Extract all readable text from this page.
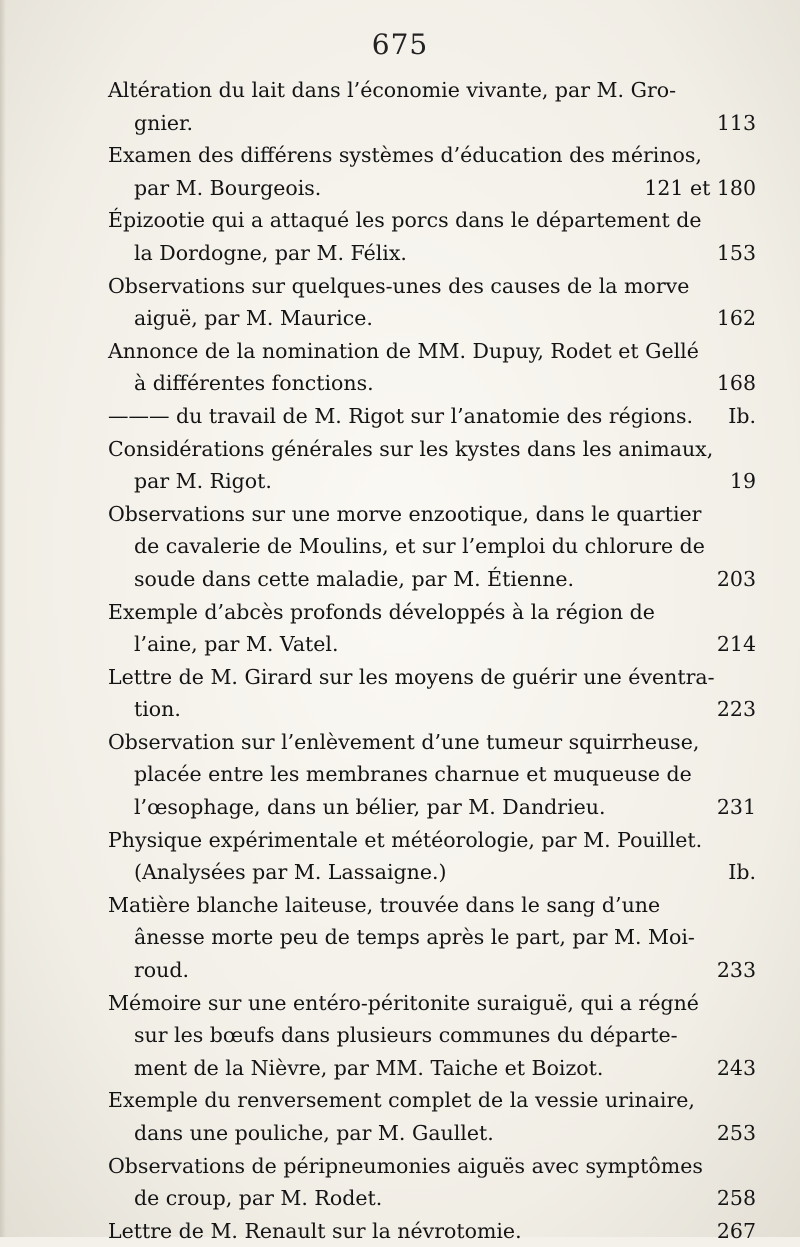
675
Altération du lait dans l’économie vivante, par M. Gro-
gnier.	113
Examen des différens systèmes d’éducation des mérinos,
par M. Bourgeois.	121 et 180
Épizootie qui a attaqué les porcs dans le département de
la Dordogne, par M. Félix.	153
Observations sur quelques-unes des causes de la morve
aiguë, par M. Maurice.	162
Annonce de la nomination de MM. Dupuy, Rodet et Gellé
à différentes fonctions.	168
——— du travail de M. Rigot sur l’anatomie des régions. Ib.
Considérations générales sur les kystes dans les animaux,
par M. Rigot.	19
Observations sur une morve enzootique, dans le quartier
de cavalerie de Moulins, et sur l’emploi du chlorure de
soude dans cette maladie, par M. Étienne.	203
Exemple d’abcès profonds développés à la région de
l’aine, par M. Vatel.	214
Lettre de M. Girard sur les moyens de guérir une éventra-
tion.	223
Observation sur l’enlèvement d’une tumeur squirrheuse,
placée entre les membranes charnue et muqueuse de
l’œsophage, dans un bélier, par M. Dandrieu.	231
Physique expérimentale et météorologie, par M. Pouillet.
(Analysées par M. Lassaigne.)	Ib.
Matière blanche laiteuse, trouvée dans le sang d’une
ânesse morte peu de temps après le part, par M. Moi-
roud.	233
Mémoire sur une entéro-péritonite suraiguë, qui a régné
sur les bœufs dans plusieurs communes du départe-
ment de la Nièvre, par MM. Taiche et Boizot.	243
Exemple du renversement complet de la vessie urinaire,
dans une pouliche, par M. Gaullet.	253
Observations de péripneumonies aiguës avec symptômes
de croup, par M. Rodet.	258
Lettre de M. Renault sur la névrotomie.	267
